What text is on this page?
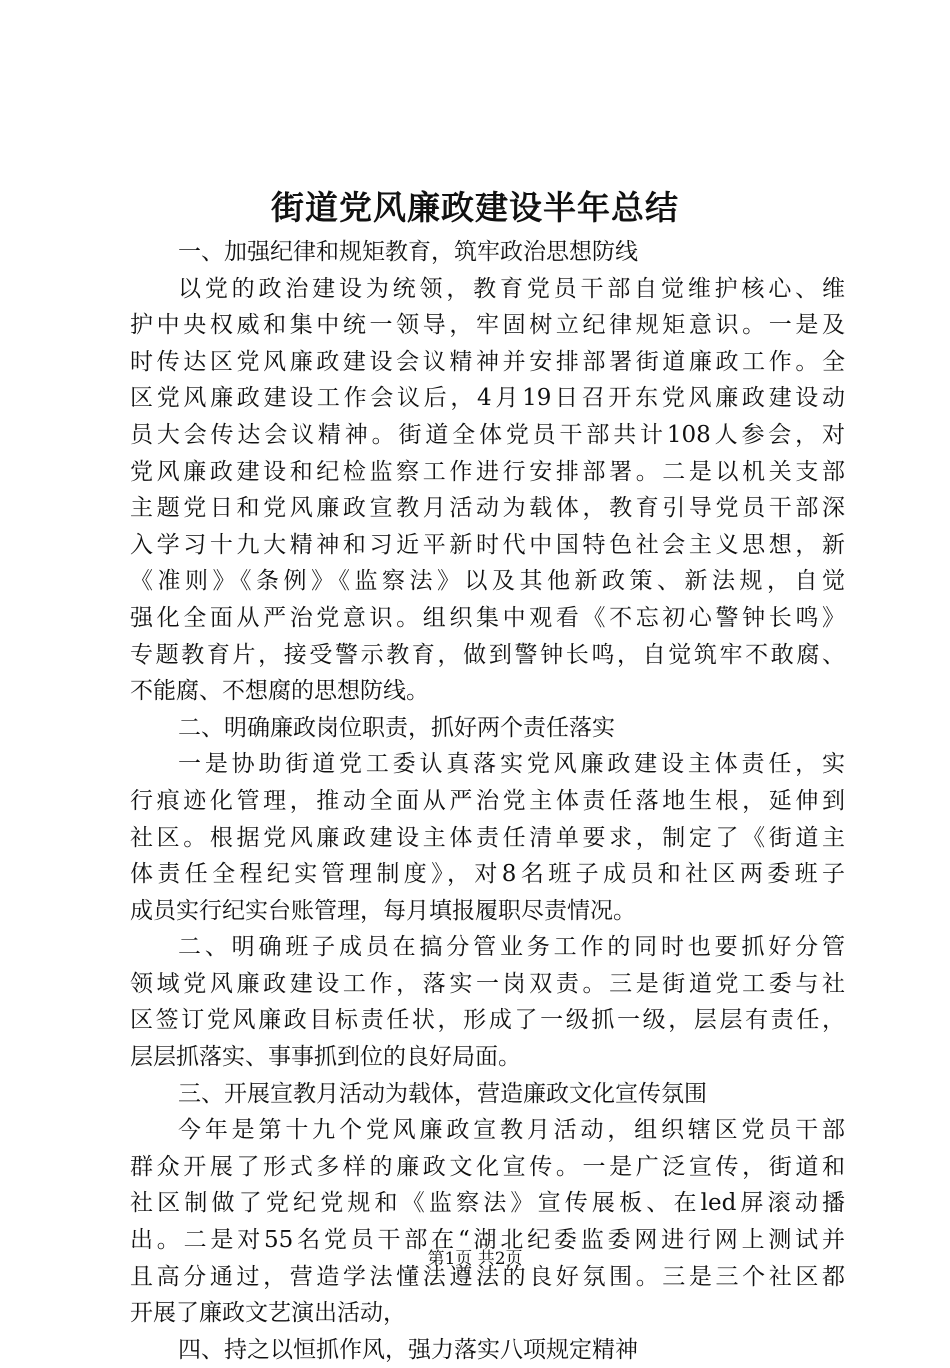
街道党风廉政建设半年总结
一、加强纪律和规矩教育，筑牢政治思想防线
以党的政治建设为统领，教育党员干部自觉维护核心、维
护中央权威和集中统一领导，牢固树立纪律规矩意识。一是及
时传达区党风廉政建设会议精神并安排部署街道廉政工作。全
区党风廉政建设工作会议后，4月19日召开东党风廉政建设动
员大会传达会议精神。街道全体党员干部共计108人参会，对
党风廉政建设和纪检监察工作进行安排部署。二是以机关支部
主题党日和党风廉政宣教月活动为载体，教育引导党员干部深
入学习十九大精神和习近平新时代中国特色社会主义思想，新
《准则》《条例》《监察法》以及其他新政策、新法规，自觉
强化全面从严治党意识。组织集中观看《不忘初心警钟长鸣》
专题教育片，接受警示教育，做到警钟长鸣，自觉筑牢不敢腐、
不能腐、不想腐的思想防线。
二、明确廉政岗位职责，抓好两个责任落实
一是协助街道党工委认真落实党风廉政建设主体责任，实
行痕迹化管理，推动全面从严治党主体责任落地生根，延伸到
社区。根据党风廉政建设主体责任清单要求，制定了《街道主
体责任全程纪实管理制度》，对8名班子成员和社区两委班子
成员实行纪实台账管理，每月填报履职尽责情况。
二、明确班子成员在搞分管业务工作的同时也要抓好分管
领域党风廉政建设工作，落实一岗双责。三是街道党工委与社
区签订党风廉政目标责任状，形成了一级抓一级，层层有责任，
层层抓落实、事事抓到位的良好局面。
三、开展宣教月活动为载体，营造廉政文化宣传氛围
今年是第十九个党风廉政宣教月活动，组织辖区党员干部
群众开展了形式多样的廉政文化宣传。一是广泛宣传，街道和
社区制做了党纪党规和《监察法》宣传展板、在led屏滚动播
出。二是对55名党员干部在“湖北纪委监委网进行网上测试并
且高分通过，营造学法懂法遵法的良好氛围。三是三个社区都
开展了廉政文艺演出活动，
四、持之以恒抓作风，强力落实八项规定精神
第1页 共2页
